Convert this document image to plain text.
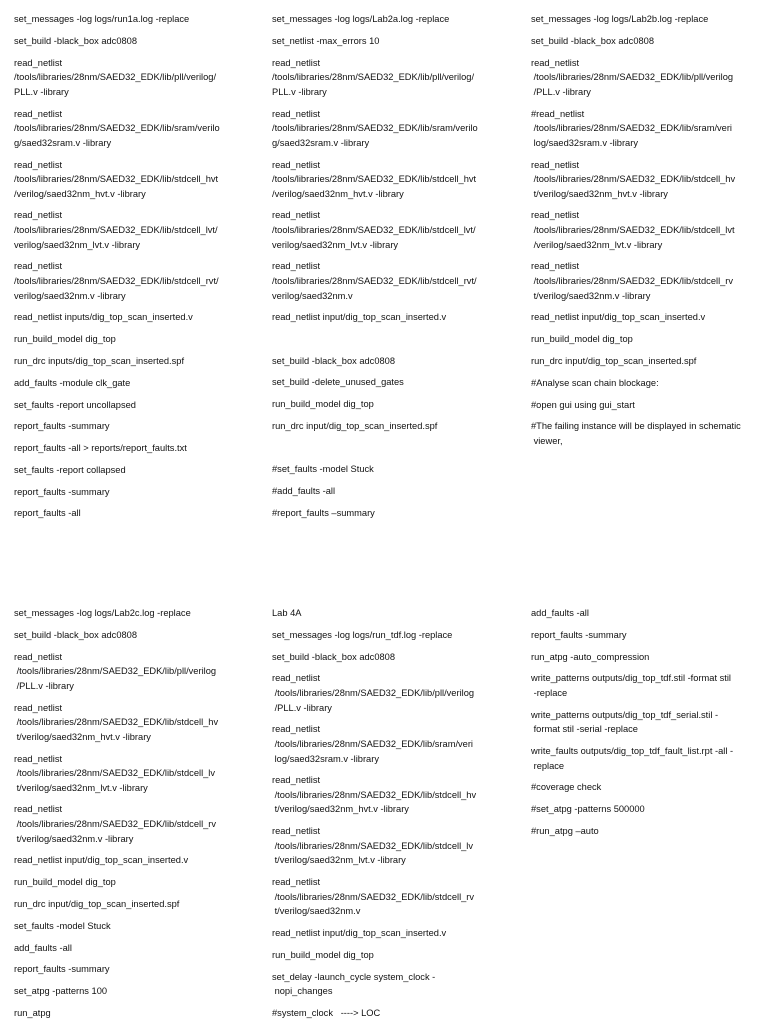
set_messages -log logs/run1a.log -replace
set_build -black_box adc0808
read_netlist
/tools/libraries/28nm/SAED32_EDK/lib/pll/verilog/
PLL.v -library
read_netlist
/tools/libraries/28nm/SAED32_EDK/lib/sram/verilo
g/saed32sram.v -library
read_netlist
/tools/libraries/28nm/SAED32_EDK/lib/stdcell_hvt
/verilog/saed32nm_hvt.v -library
read_netlist
/tools/libraries/28nm/SAED32_EDK/lib/stdcell_lvt/
verilog/saed32nm_lvt.v -library
read_netlist
/tools/libraries/28nm/SAED32_EDK/lib/stdcell_rvt/
verilog/saed32nm.v -library
read_netlist inputs/dig_top_scan_inserted.v
run_build_model dig_top
run_drc inputs/dig_top_scan_inserted.spf
add_faults -module clk_gate
set_faults -report uncollapsed
report_faults -summary
report_faults -all > reports/report_faults.txt
set_faults -report collapsed
report_faults -summary
report_faults -all
set_messages -log logs/Lab2a.log -replace
set_netlist -max_errors 10
read_netlist
/tools/libraries/28nm/SAED32_EDK/lib/pll/verilog/
PLL.v -library
read_netlist
/tools/libraries/28nm/SAED32_EDK/lib/sram/verilo
g/saed32sram.v -library
read_netlist
/tools/libraries/28nm/SAED32_EDK/lib/stdcell_hvt
/verilog/saed32nm_hvt.v -library
read_netlist
/tools/libraries/28nm/SAED32_EDK/lib/stdcell_lvt/
verilog/saed32nm_lvt.v -library
read_netlist
/tools/libraries/28nm/SAED32_EDK/lib/stdcell_rvt/
verilog/saed32nm.v
read_netlist input/dig_top_scan_inserted.v
set_build -black_box adc0808
set_build -delete_unused_gates
run_build_model dig_top
run_drc input/dig_top_scan_inserted.spf
#set_faults -model Stuck
#add_faults -all
#report_faults –summary
set_messages -log logs/Lab2b.log -replace
set_build -black_box adc0808
read_netlist
/tools/libraries/28nm/SAED32_EDK/lib/pll/verilog
/PLL.v -library
#read_netlist
/tools/libraries/28nm/SAED32_EDK/lib/sram/veri
log/saed32sram.v -library
read_netlist
/tools/libraries/28nm/SAED32_EDK/lib/stdcell_hv
t/verilog/saed32nm_hvt.v -library
read_netlist
/tools/libraries/28nm/SAED32_EDK/lib/stdcell_lvt
/verilog/saed32nm_lvt.v -library
read_netlist
/tools/libraries/28nm/SAED32_EDK/lib/stdcell_rv
t/verilog/saed32nm.v -library
read_netlist input/dig_top_scan_inserted.v
run_build_model dig_top
run_drc input/dig_top_scan_inserted.spf
#Analyse scan chain blockage:
#open gui using gui_start
#The failing instance will be displayed in schematic
viewer,
set_messages -log logs/Lab2c.log -replace
set_build -black_box adc0808
read_netlist
/tools/libraries/28nm/SAED32_EDK/lib/pll/verilog
/PLL.v -library
read_netlist
/tools/libraries/28nm/SAED32_EDK/lib/stdcell_hv
t/verilog/saed32nm_hvt.v -library
read_netlist
/tools/libraries/28nm/SAED32_EDK/lib/stdcell_lv
t/verilog/saed32nm_lvt.v -library
read_netlist
/tools/libraries/28nm/SAED32_EDK/lib/stdcell_rv
t/verilog/saed32nm.v -library
read_netlist input/dig_top_scan_inserted.v
run_build_model dig_top
run_drc input/dig_top_scan_inserted.spf
set_faults -model Stuck
add_faults -all
report_faults -summary
set_atpg -patterns 100
run_atpg
Lab 4A
set_messages -log logs/run_tdf.log -replace
set_build -black_box adc0808
read_netlist
/tools/libraries/28nm/SAED32_EDK/lib/pll/verilog
/PLL.v -library
read_netlist
/tools/libraries/28nm/SAED32_EDK/lib/sram/veri
log/saed32sram.v -library
read_netlist
/tools/libraries/28nm/SAED32_EDK/lib/stdcell_hv
t/verilog/saed32nm_hvt.v -library
read_netlist
/tools/libraries/28nm/SAED32_EDK/lib/stdcell_lv
t/verilog/saed32nm_lvt.v -library
read_netlist
/tools/libraries/28nm/SAED32_EDK/lib/stdcell_rv
t/verilog/saed32nm.v
read_netlist input/dig_top_scan_inserted.v
run_build_model dig_top
set_delay -launch_cycle system_clock -
nopi_changes
#system_clock   ----> LOC
add_faults -all
report_faults -summary
run_atpg -auto_compression
write_patterns outputs/dig_top_tdf.stil -format stil
-replace
write_patterns outputs/dig_top_tdf_serial.stil -
format stil -serial -replace
write_faults outputs/dig_top_tdf_fault_list.rpt -all -
replace
#coverage check
#set_atpg -patterns 500000
#run_atpg –auto
